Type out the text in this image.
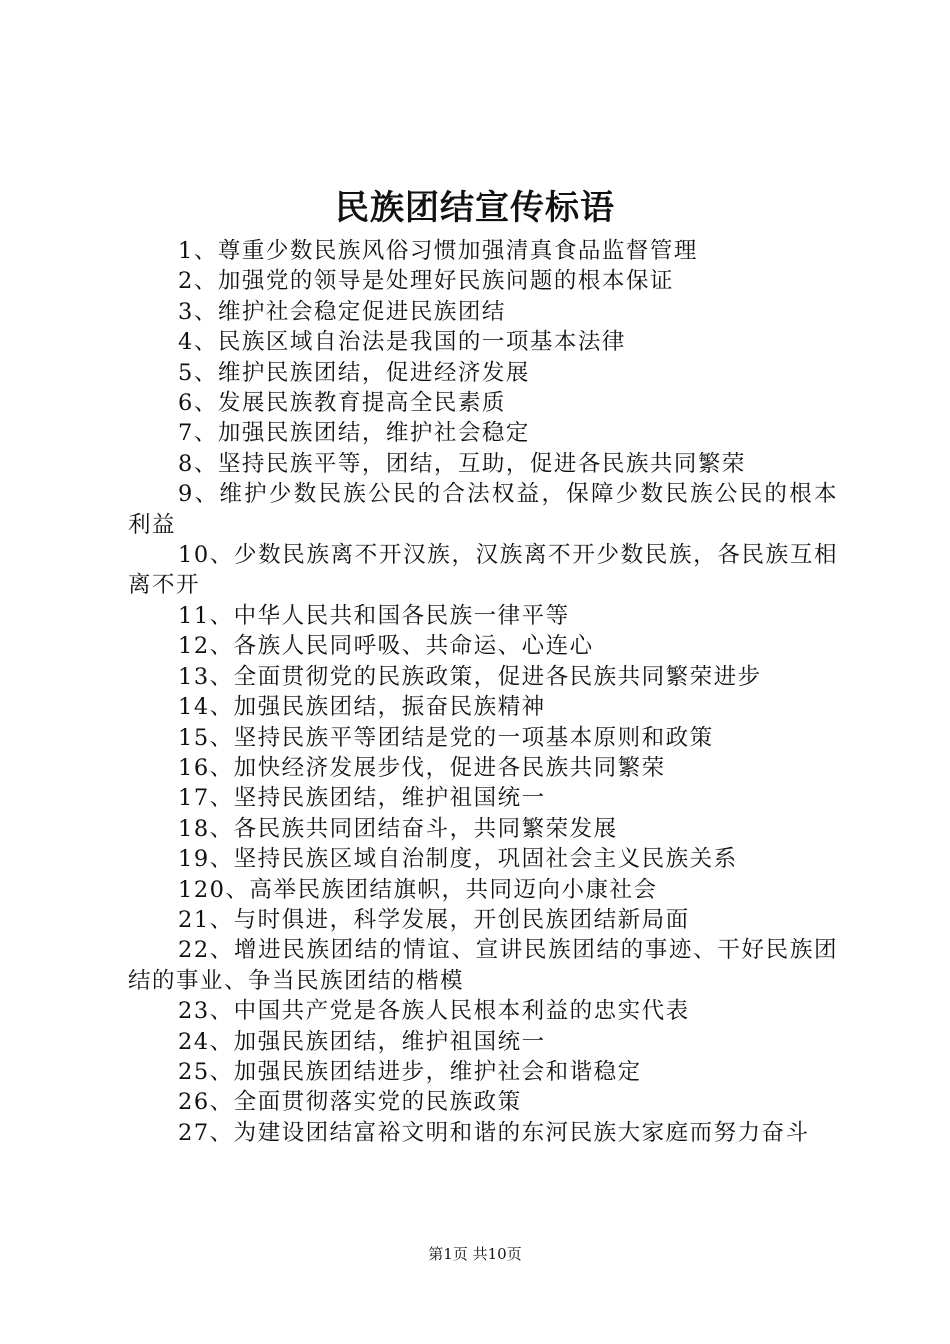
民族团结宣传标语
1、尊重少数民族风俗习惯加强清真食品监督管理
2、加强党的领导是处理好民族问题的根本保证
3、维护社会稳定促进民族团结
4、民族区域自治法是我国的一项基本法律
5、维护民族团结，促进经济发展
6、发展民族教育提高全民素质
7、加强民族团结，维护社会稳定
8、坚持民族平等，团结，互助，促进各民族共同繁荣
9、维护少数民族公民的合法权益，保障少数民族公民的根本利益
10、少数民族离不开汉族，汉族离不开少数民族，各民族互相离不开
11、中华人民共和国各民族一律平等
12、各族人民同呼吸、共命运、心连心
13、全面贯彻党的民族政策，促进各民族共同繁荣进步
14、加强民族团结，振奋民族精神
15、坚持民族平等团结是党的一项基本原则和政策
16、加快经济发展步伐，促进各民族共同繁荣
17、坚持民族团结，维护祖国统一
18、各民族共同团结奋斗，共同繁荣发展
19、坚持民族区域自治制度，巩固社会主义民族关系
120、高举民族团结旗帜，共同迈向小康社会
21、与时俱进，科学发展，开创民族团结新局面
22、增进民族团结的情谊、宣讲民族团结的事迹、干好民族团结的事业、争当民族团结的楷模
23、中国共产党是各族人民根本利益的忠实代表
24、加强民族团结，维护祖国统一
25、加强民族团结进步，维护社会和谐稳定
26、全面贯彻落实党的民族政策
27、为建设团结富裕文明和谐的东河民族大家庭而努力奋斗
第1页 共10页
